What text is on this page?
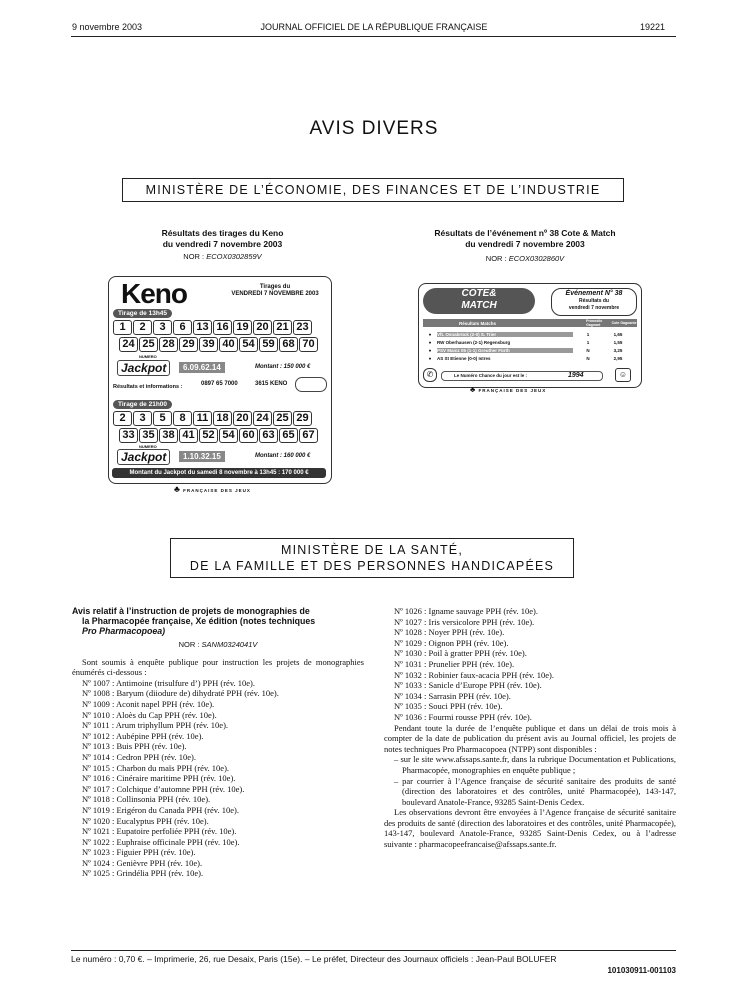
9 novembre 2003	JOURNAL OFFICIEL DE LA RÉPUBLIQUE FRANÇAISE	19221
AVIS DIVERS
MINISTÈRE DE L’ÉCONOMIE, DES FINANCES ET DE L’INDUSTRIE
Résultats des tirages du Keno
du vendredi 7 novembre 2003
NOR : ECOX0302859V
Keno	Tirages du
VENDREDI 7 NOVEMBRE 2003
Tirage de 13h45
1	2	3	6 13 16 19 20 21 23
24 25 28 29 39 40 54 59 68 70
NUMERO
Jackpot	6.09.62.14	Montant : 150 000 €
Résultats et informations :	0897 65 7000	3615 KENO
Tirage de 21h00
2	3	5	8	11 18 20 24 25 29
33 35 38 41 52 54 60 63 65 67
NUMERO
Jackpot	1.10.32.15	Montant : 160 000 €
Montant du Jackpot du samedi 8 novembre à 13h45 : 170 000 €
♣ FRANÇAISE DES JEUX
Résultats de l’événement nº 38 Cote & Match
du vendredi 7 novembre 2003
NOR : ECOX0302860V
COTE&
MATCH
Événement N° 38
Résultats du
vendredi 7 novembre
Résultats Matchs	Pronostic Gagnant	Cote Gagnante
●	VfL Osnabrück (2-0) S. Trier	1	1,65
●	RW Oberhausen (2-1) Regensburg	1	1,55
●	PSV Mainz 05 (1-1) Greuther Fürth	N	3,25
●	AS St Etienne (0-0) Istres	N	2,95
✆	Le Numéro Chance du jour est le :	1994	☺
♣ FRANÇAISE DES JEUX
MINISTÈRE DE LA SANTÉ,
DE LA FAMILLE ET DES PERSONNES HANDICAPÉES
Avis relatif à l’instruction de projets de monographies de
la Pharmacopée française, Xe édition (notes techniques
Pro Pharmacopoea)
NOR : SANM0324041V

Sont soumis à enquête publique pour instruction les projets de monographies énumérés ci-dessous :

Nº 1007 : Antimoine (trisulfure d’) PPH (rév. 10e).
Nº 1008 : Baryum (diiodure de) dihydraté PPH (rév. 10e).
Nº 1009 : Aconit napel PPH (rév. 10e).
Nº 1010 : Aloès du Cap PPH (rév. 10e).
Nº 1011 : Arum triphyllum PPH (rév. 10e).
Nº 1012 : Aubépine PPH (rév. 10e).
Nº 1013 : Buis PPH (rév. 10e).
Nº 1014 : Cedron PPH (rév. 10e).
Nº 1015 : Charbon du maïs PPH (rév. 10e).
Nº 1016 : Cinéraire maritime PPH (rév. 10e).
Nº 1017 : Colchique d’automne PPH (rév. 10e).
Nº 1018 : Collinsonia PPH (rév. 10e).
Nº 1019 : Erigéron du Canada PPH (rév. 10e).
Nº 1020 : Eucalyptus PPH (rév. 10e).
Nº 1021 : Eupatoire perfoliée PPH (rév. 10e).
Nº 1022 : Euphraise officinale PPH (rév. 10e).
Nº 1023 : Figuier PPH (rév. 10e).
Nº 1024 : Genièvre PPH (rév. 10e).
Nº 1025 : Grindélia PPH (rév. 10e).
Nº 1026 : Igname sauvage PPH (rév. 10e).
Nº 1027 : Iris versicolore PPH (rév. 10e).
Nº 1028 : Noyer PPH (rév. 10e).
Nº 1029 : Oignon PPH (rév. 10e).
Nº 1030 : Poil à gratter PPH (rév. 10e).
Nº 1031 : Prunelier PPH (rév. 10e).
Nº 1032 : Robinier faux-acacia PPH (rév. 10e).
Nº 1033 : Sanicle d’Europe PPH (rév. 10e).
Nº 1034 : Sarrasin PPH (rév. 10e).
Nº 1035 : Souci PPH (rév. 10e).
Nº 1036 : Fourmi rousse PPH (rév. 10e).

Pendant toute la durée de l’enquête publique et dans un délai de trois mois à compter de la date de publication du présent avis au Journal officiel, les projets de notes techniques Pro Pharmacopoea (NTPP) sont disponibles :

– sur le site www.afssaps.sante.fr, dans la rubrique Documentation et Publications, Pharmacopée, monographies en enquête publique ;
– par courrier à l’Agence française de sécurité sanitaire des produits de santé (direction des laboratoires et des contrôles, unité Pharmacopée), 143-147, boulevard Anatole-France, 93285 Saint-Denis Cedex.

Les observations devront être envoyées à l’Agence française de sécurité sanitaire des produits de santé (direction des laboratoires et des contrôles, unité Pharmacopée), 143-147, boulevard Anatole-France, 93285 Saint-Denis Cedex, ou à l’adresse suivante : pharmacopeefrancaise@afssaps.sante.fr.

Le numéro : 0,70 €. – Imprimerie, 26, rue Desaix, Paris (15e). – Le préfet, Directeur des Journaux officiels : Jean-Paul BOLUFER
101030911-001103
